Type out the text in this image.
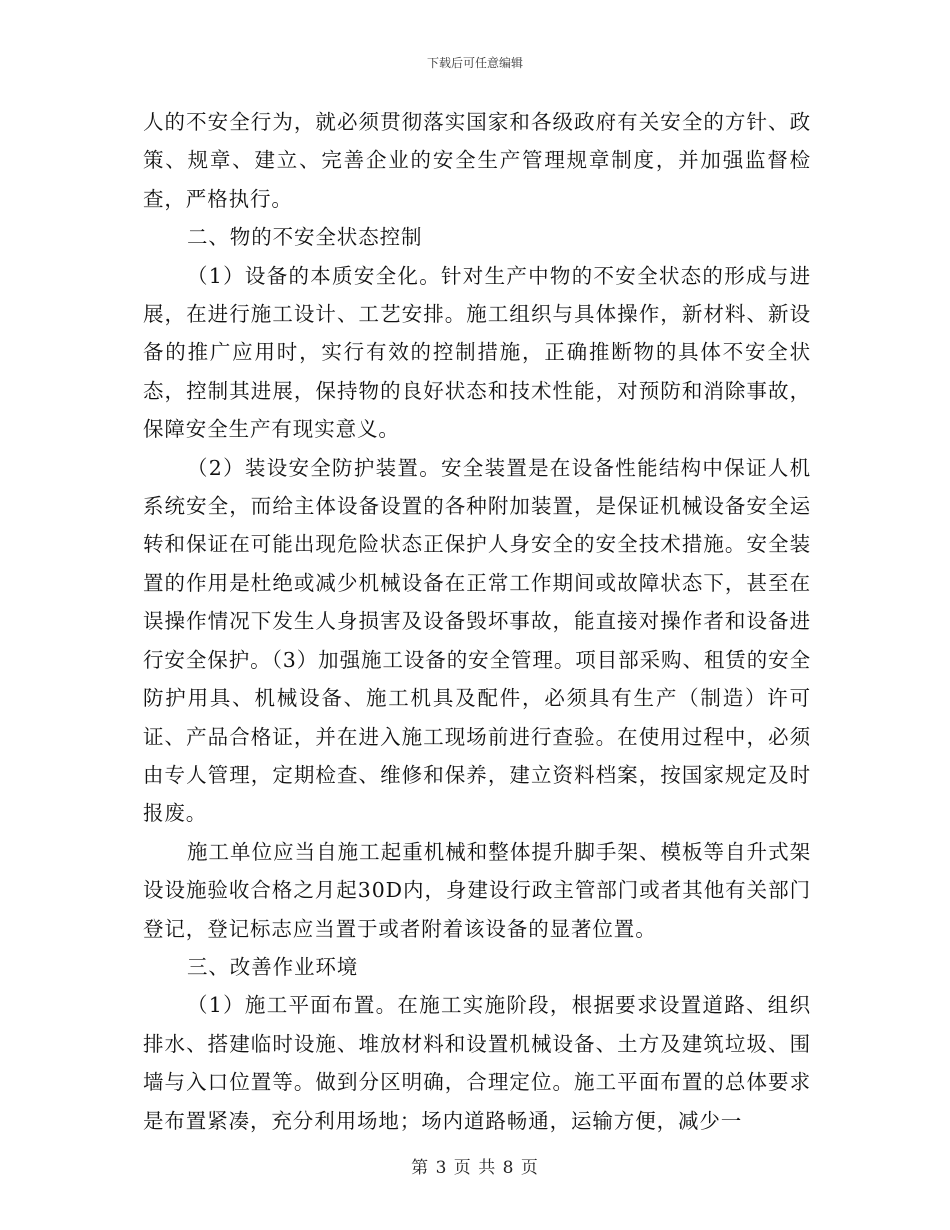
下载后可任意编辑

人的不安全行为，就必须贯彻落实国家和各级政府有关安全的方针、政策、规章、建立、完善企业的安全生产管理规章制度，并加强监督检查，严格执行。

二、物的不安全状态控制

（1）设备的本质安全化。针对生产中物的不安全状态的形成与进展，在进行施工设计、工艺安排。施工组织与具体操作，新材料、新设备的推广应用时，实行有效的控制措施，正确推断物的具体不安全状态，控制其进展，保持物的良好状态和技术性能，对预防和消除事故，保障安全生产有现实意义。

（2）装设安全防护装置。安全装置是在设备性能结构中保证人机系统安全，而给主体设备设置的各种附加装置，是保证机械设备安全运转和保证在可能出现危险状态正保护人身安全的安全技术措施。安全装置的作用是杜绝或减少机械设备在正常工作期间或故障状态下，甚至在误操作情况下发生人身损害及设备毁坏事故，能直接对操作者和设备进行安全保护。（3）加强施工设备的安全管理。项目部采购、租赁的安全防护用具、机械设备、施工机具及配件，必须具有生产（制造）许可证、产品合格证，并在进入施工现场前进行查验。在使用过程中，必须由专人管理，定期检查、维修和保养，建立资料档案，按国家规定及时报废。

施工单位应当自施工起重机械和整体提升脚手架、模板等自升式架设设施验收合格之月起30D内，身建设行政主管部门或者其他有关部门登记，登记标志应当置于或者附着该设备的显著位置。

三、改善作业环境

（1）施工平面布置。在施工实施阶段，根据要求设置道路、组织排水、搭建临时设施、堆放材料和设置机械设备、土方及建筑垃圾、围墙与入口位置等。做到分区明确，合理定位。施工平面布置的总体要求是布置紧凑，充分利用场地；场内道路畅通，运输方便，减少一

第 3 页 共 8 页
